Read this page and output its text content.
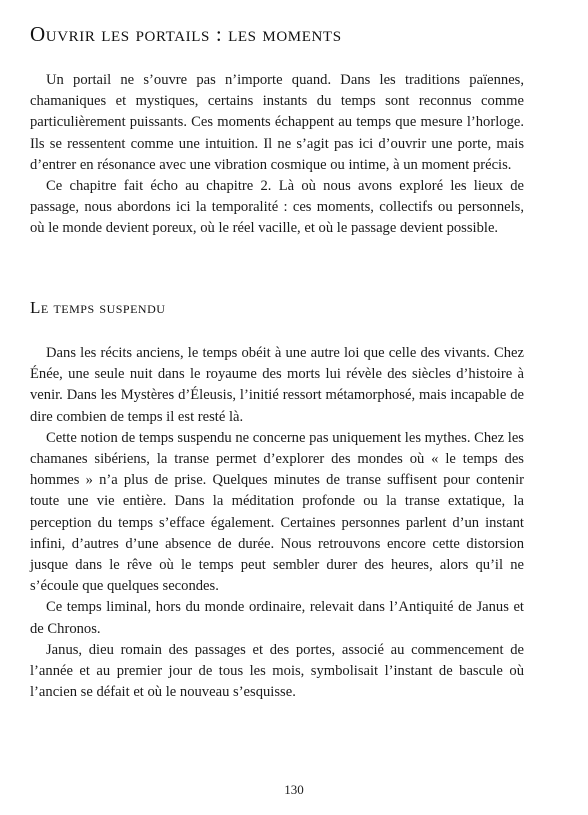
Ouvrir les portails : les moments

Un portail ne s’ouvre pas n’importe quand. Dans les traditions païennes, chamaniques et mystiques, certains instants du temps sont reconnus comme particulièrement puissants. Ces moments échappent au temps que mesure l’horloge. Ils se ressentent comme une intuition. Il ne s’agit pas ici d’ouvrir une porte, mais d’entrer en résonance avec une vibration cosmique ou intime, à un moment précis.

Ce chapitre fait écho au chapitre 2. Là où nous avons exploré les lieux de passage, nous abordons ici la temporalité : ces moments, collectifs ou personnels, où le monde devient poreux, où le réel vacille, et où le passage devient possible.

Le temps suspendu

Dans les récits anciens, le temps obéit à une autre loi que celle des vivants. Chez Énée, une seule nuit dans le royaume des morts lui révèle des siècles d’histoire à venir. Dans les Mystères d’Éleusis, l’initié ressort métamorphosé, mais incapable de dire combien de temps il est resté là.

Cette notion de temps suspendu ne concerne pas uniquement les mythes. Chez les chamanes sibériens, la transe permet d’explorer des mondes où « le temps des hommes » n’a plus de prise. Quelques minutes de transe suffisent pour contenir toute une vie entière. Dans la méditation profonde ou la transe extatique, la perception du temps s’efface également. Certaines personnes parlent d’un instant infini, d’autres d’une absence de durée. Nous retrouvons encore cette distorsion jusque dans le rêve où le temps peut sembler durer des heures, alors qu’il ne s’écoule que quelques secondes.

Ce temps liminal, hors du monde ordinaire, relevait dans l’Antiquité de Janus et de Chronos.

Janus, dieu romain des passages et des portes, associé au commencement de l’année et au premier jour de tous les mois, symbolisait l’instant de bascule où l’ancien se défait et où le nouveau s’esquisse.

130
